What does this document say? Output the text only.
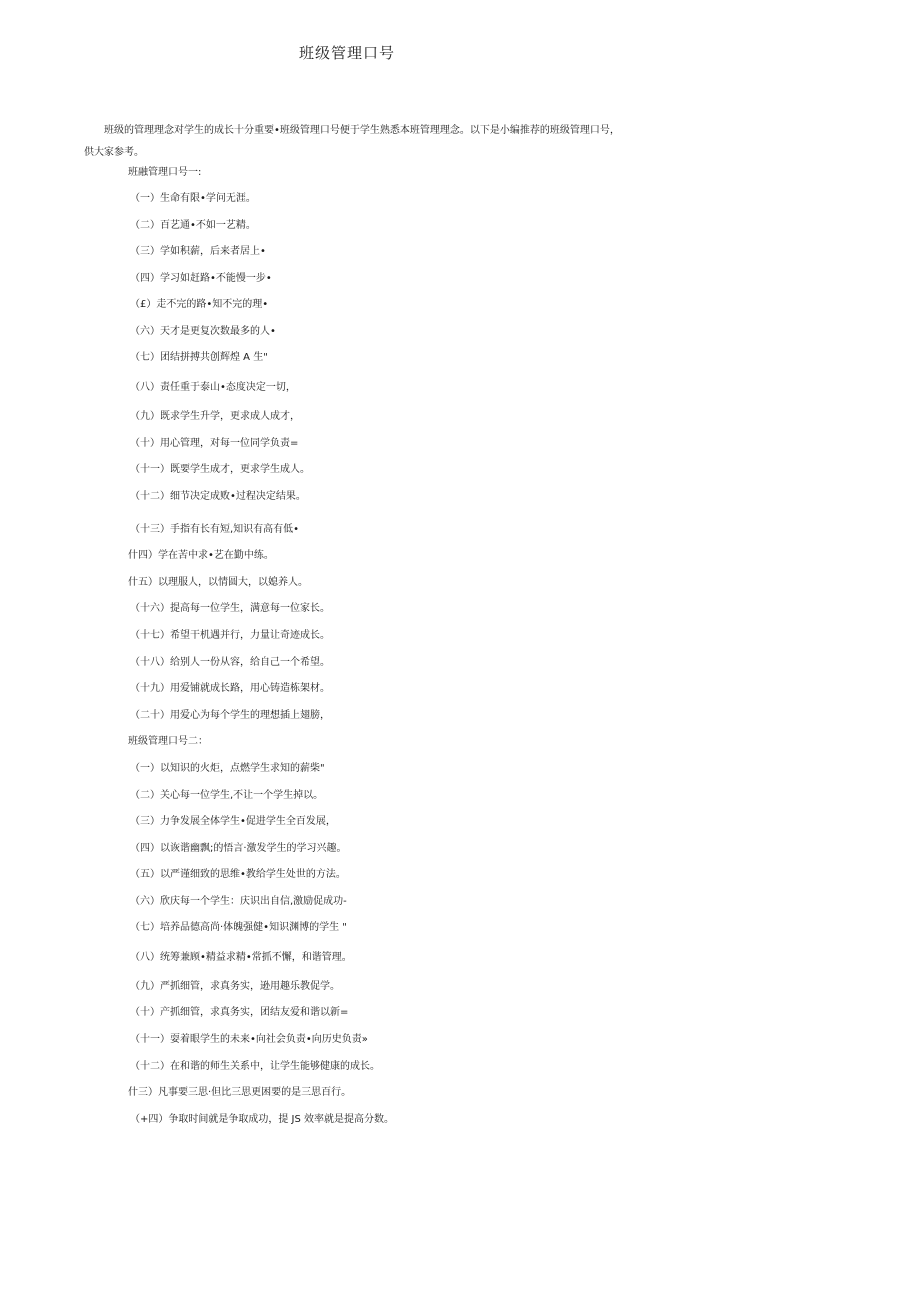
班级管理口号
班级的管理理念对学生的成长十分重要•班级管理口号便于学生熟悉本班管理理念。以下是小编推荐的班级管理口号，
供大家参考。
班融管理口号一:
（一）生命有限•学问无涯。
（二）百艺通•不如一艺精。
（三）学如积薪，后来者居上•
（四）学习如赶路•不能慢一步•
（£）走不完的路•知不完的理•
（六）天才是更复次数最多的人•
（七）团结拼搏共创辉煌 A 生"
（八）责任重于泰山•态度决定一切，
（九）既求学生升学，更求成人成才，
（十）用心管理，对每一位同学负责=
（十一）既要学生成才，更求学生成人。
（十二）细节决定成败•过程决定结果。
（十三）手指有长有短,知识有高有低•
什四）学在苦中求•艺在勤中练。
什五）以理服人，以情圆大，以媳养人。
（十六）提高每一位学生，满意每一位家长。
（十七）希望干机遇并行，力量让奇迹成长。
（十八）给别人一份从容，给自己一个希望。
（十九）用爱铺就成长路，用心铸造栋架材。
（二十）用爱心为每个学生的理想插上翅膀，
班级管理口号二：
（一）以知识的火炬，点燃学生求知的薪柴"
（二）关心每一位学生,不让一个学生掉以。
（三）力争发展全体学生•促进学生全百发展，
（四）以诙谐幽飘;的悟言·激发学生的学习兴趣。
（五）以严谨细致的思维•教给学生处世的方法。
（六）欣庆每一个学生：庆识出自信,激励促成功-
（七）培养品德高尚·体魄强健•知识渊博的学生 "
（八）统筹兼顾•精益求精•常抓不懈，和谐管理。
（九）严抓细管，求真务实，逊用趣乐教促学。
（十）产抓细管，求真务实，团结友爱和谐以新=
（十一）耍着眼学生的未来•向社会负责•向历史负责»
（十二）在和谐的师生关系中，让学生能够健康的成长。
什三）凡事要三思·但比三思更困要的是三思百行。
（+四）争取时间就是争取成功，提 JS 效率就是提高分数。
